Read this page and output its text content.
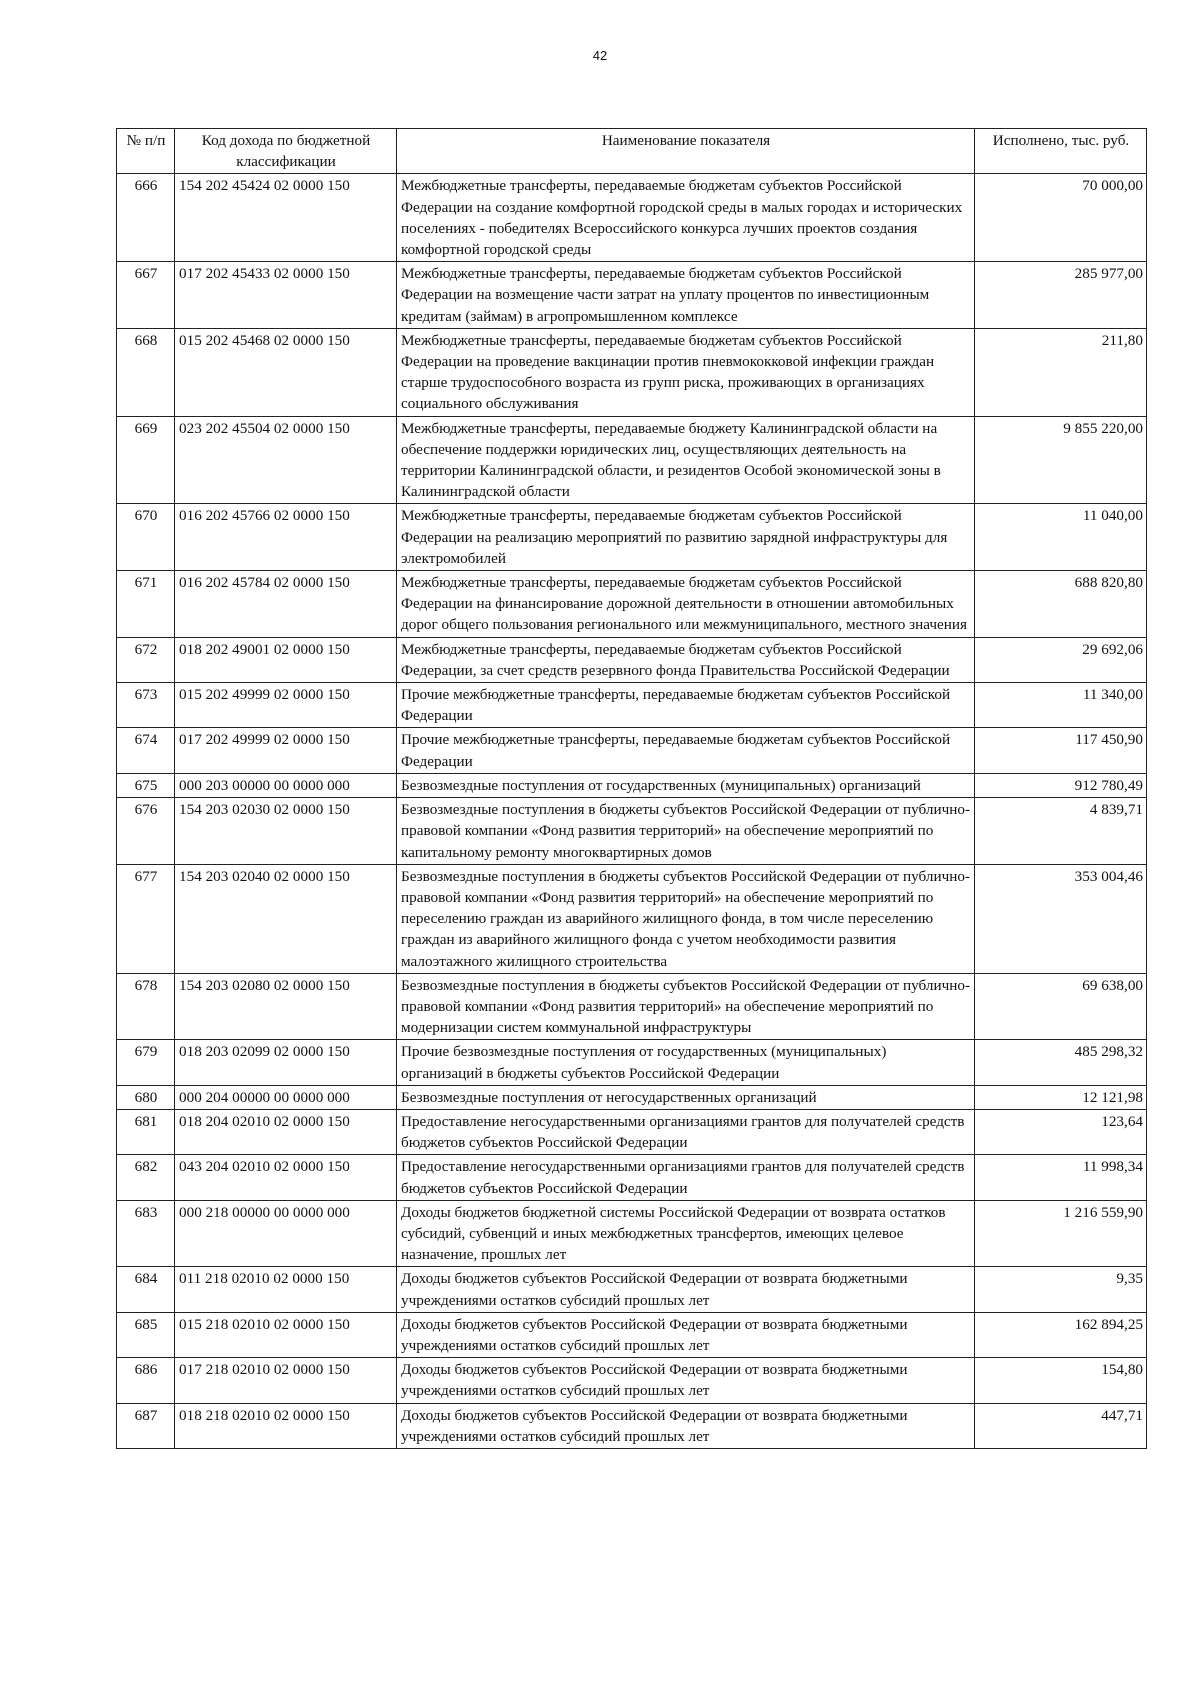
42
№ п/п	Код дохода по бюджетной классификации	Наименование показателя	Исполнено, тыс. руб.
666	154 202 45424 02 0000 150	Межбюджетные трансферты, передаваемые бюджетам субъектов Российской Федерации на создание комфортной городской среды в малых городах и исторических поселениях - победителях Всероссийского конкурса лучших проектов создания комфортной городской среды	70 000,00
667	017 202 45433 02 0000 150	Межбюджетные трансферты, передаваемые бюджетам субъектов Российской Федерации на возмещение части затрат на уплату процентов по инвестиционным кредитам (займам) в агропромышленном комплексе	285 977,00
668	015 202 45468 02 0000 150	Межбюджетные трансферты, передаваемые бюджетам субъектов Российской Федерации на проведение вакцинации против пневмококковой инфекции граждан старше трудоспособного возраста из групп риска, проживающих в организациях социального обслуживания	211,80
669	023 202 45504 02 0000 150	Межбюджетные трансферты, передаваемые бюджету Калининградской области на обеспечение поддержки юридических лиц, осуществляющих деятельность на территории Калининградской области, и резидентов Особой экономической зоны в Калининградской области	9 855 220,00
670	016 202 45766 02 0000 150	Межбюджетные трансферты, передаваемые бюджетам субъектов Российской Федерации на реализацию мероприятий по развитию зарядной инфраструктуры для электромобилей	11 040,00
671	016 202 45784 02 0000 150	Межбюджетные трансферты, передаваемые бюджетам субъектов Российской Федерации на финансирование дорожной деятельности в отношении автомобильных дорог общего пользования регионального или межмуниципального, местного значения	688 820,80
672	018 202 49001 02 0000 150	Межбюджетные трансферты, передаваемые бюджетам субъектов Российской Федерации, за счет средств резервного фонда Правительства Российской Федерации	29 692,06
673	015 202 49999 02 0000 150	Прочие межбюджетные трансферты, передаваемые бюджетам субъектов Российской Федерации	11 340,00
674	017 202 49999 02 0000 150	Прочие межбюджетные трансферты, передаваемые бюджетам субъектов Российской Федерации	117 450,90
675	000 203 00000 00 0000 000	Безвозмездные поступления от государственных (муниципальных) организаций	912 780,49
676	154 203 02030 02 0000 150	Безвозмездные поступления в бюджеты субъектов Российской Федерации от публично-правовой компании «Фонд развития территорий» на обеспечение мероприятий по капитальному ремонту многоквартирных домов	4 839,71
677	154 203 02040 02 0000 150	Безвозмездные поступления в бюджеты субъектов Российской Федерации от публично-правовой компании «Фонд развития территорий» на обеспечение мероприятий по переселению граждан из аварийного жилищного фонда, в том числе переселению граждан из аварийного жилищного фонда с учетом необходимости развития малоэтажного жилищного строительства	353 004,46
678	154 203 02080 02 0000 150	Безвозмездные поступления в бюджеты субъектов Российской Федерации от публично-правовой компании «Фонд развития территорий» на обеспечение мероприятий по модернизации систем коммунальной инфраструктуры	69 638,00
679	018 203 02099 02 0000 150	Прочие безвозмездные поступления от государственных (муниципальных) организаций в бюджеты субъектов Российской Федерации	485 298,32
680	000 204 00000 00 0000 000	Безвозмездные поступления от негосударственных организаций	12 121,98
681	018 204 02010 02 0000 150	Предоставление негосударственными организациями грантов для получателей средств бюджетов субъектов Российской Федерации	123,64
682	043 204 02010 02 0000 150	Предоставление негосударственными организациями грантов для получателей средств бюджетов субъектов Российской Федерации	11 998,34
683	000 218 00000 00 0000 000	Доходы бюджетов бюджетной системы Российской Федерации от возврата остатков субсидий, субвенций и иных межбюджетных трансфертов, имеющих целевое назначение, прошлых лет	1 216 559,90
684	011 218 02010 02 0000 150	Доходы бюджетов субъектов Российской Федерации от возврата бюджетными учреждениями остатков субсидий прошлых лет	9,35
685	015 218 02010 02 0000 150	Доходы бюджетов субъектов Российской Федерации от возврата бюджетными учреждениями остатков субсидий прошлых лет	162 894,25
686	017 218 02010 02 0000 150	Доходы бюджетов субъектов Российской Федерации от возврата бюджетными учреждениями остатков субсидий прошлых лет	154,80
687	018 218 02010 02 0000 150	Доходы бюджетов субъектов Российской Федерации от возврата бюджетными учреждениями остатков субсидий прошлых лет	447,71
